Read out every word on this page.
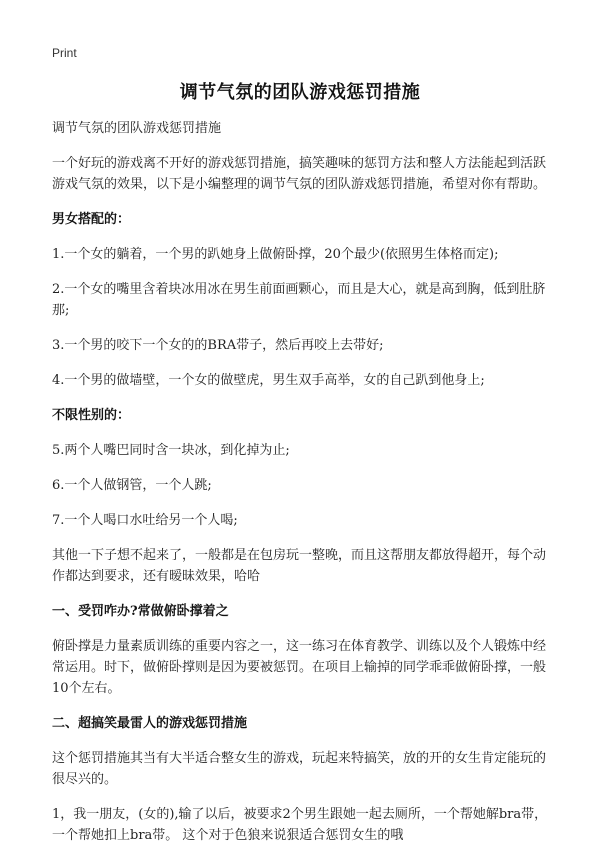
Print
调节气氛的团队游戏惩罚措施

调节气氛的团队游戏惩罚措施

一个好玩的游戏离不开好的游戏惩罚措施，搞笑趣味的惩罚方法和整人方法能起到活跃游戏气氛的效果，以下是小编整理的调节气氛的团队游戏惩罚措施，希望对你有帮助。

男女搭配的：

1.一个女的躺着，一个男的趴她身上做俯卧撑，20个最少(依照男生体格而定);

2.一个女的嘴里含着块冰用冰在男生前面画颗心，而且是大心，就是高到胸，低到肚脐那;

3.一个男的咬下一个女的的BRA带子，然后再咬上去带好;

4.一个男的做墙壁，一个女的做壁虎，男生双手高举，女的自己趴到他身上;

不限性别的：

5.两个人嘴巴同时含一块冰，到化掉为止;

6.一个人做钢管，一个人跳;

7.一个人喝口水吐给另一个人喝;

其他一下子想不起来了，一般都是在包房玩一整晚，而且这帮朋友都放得超开，每个动作都达到要求，还有暧昧效果，哈哈

一、受罚咋办?常做俯卧撑着之

俯卧撑是力量素质训练的重要内容之一，这一练习在体育教学、训练以及个人锻炼中经常运用。时下，做俯卧撑则是因为要被惩罚。在项目上输掉的同学乖乖做俯卧撑，一般10个左右。

二、超搞笑最雷人的游戏惩罚措施

这个惩罚措施其当有大半适合整女生的游戏，玩起来特搞笑，放的开的女生肯定能玩的很尽兴的。

1，我一朋友，(女的),输了以后，被要求2个男生跟她一起去厕所，一个帮她解bra带，一个帮她扣上bra带。 这个对于色狼来说狠适合惩罚女生的哦
